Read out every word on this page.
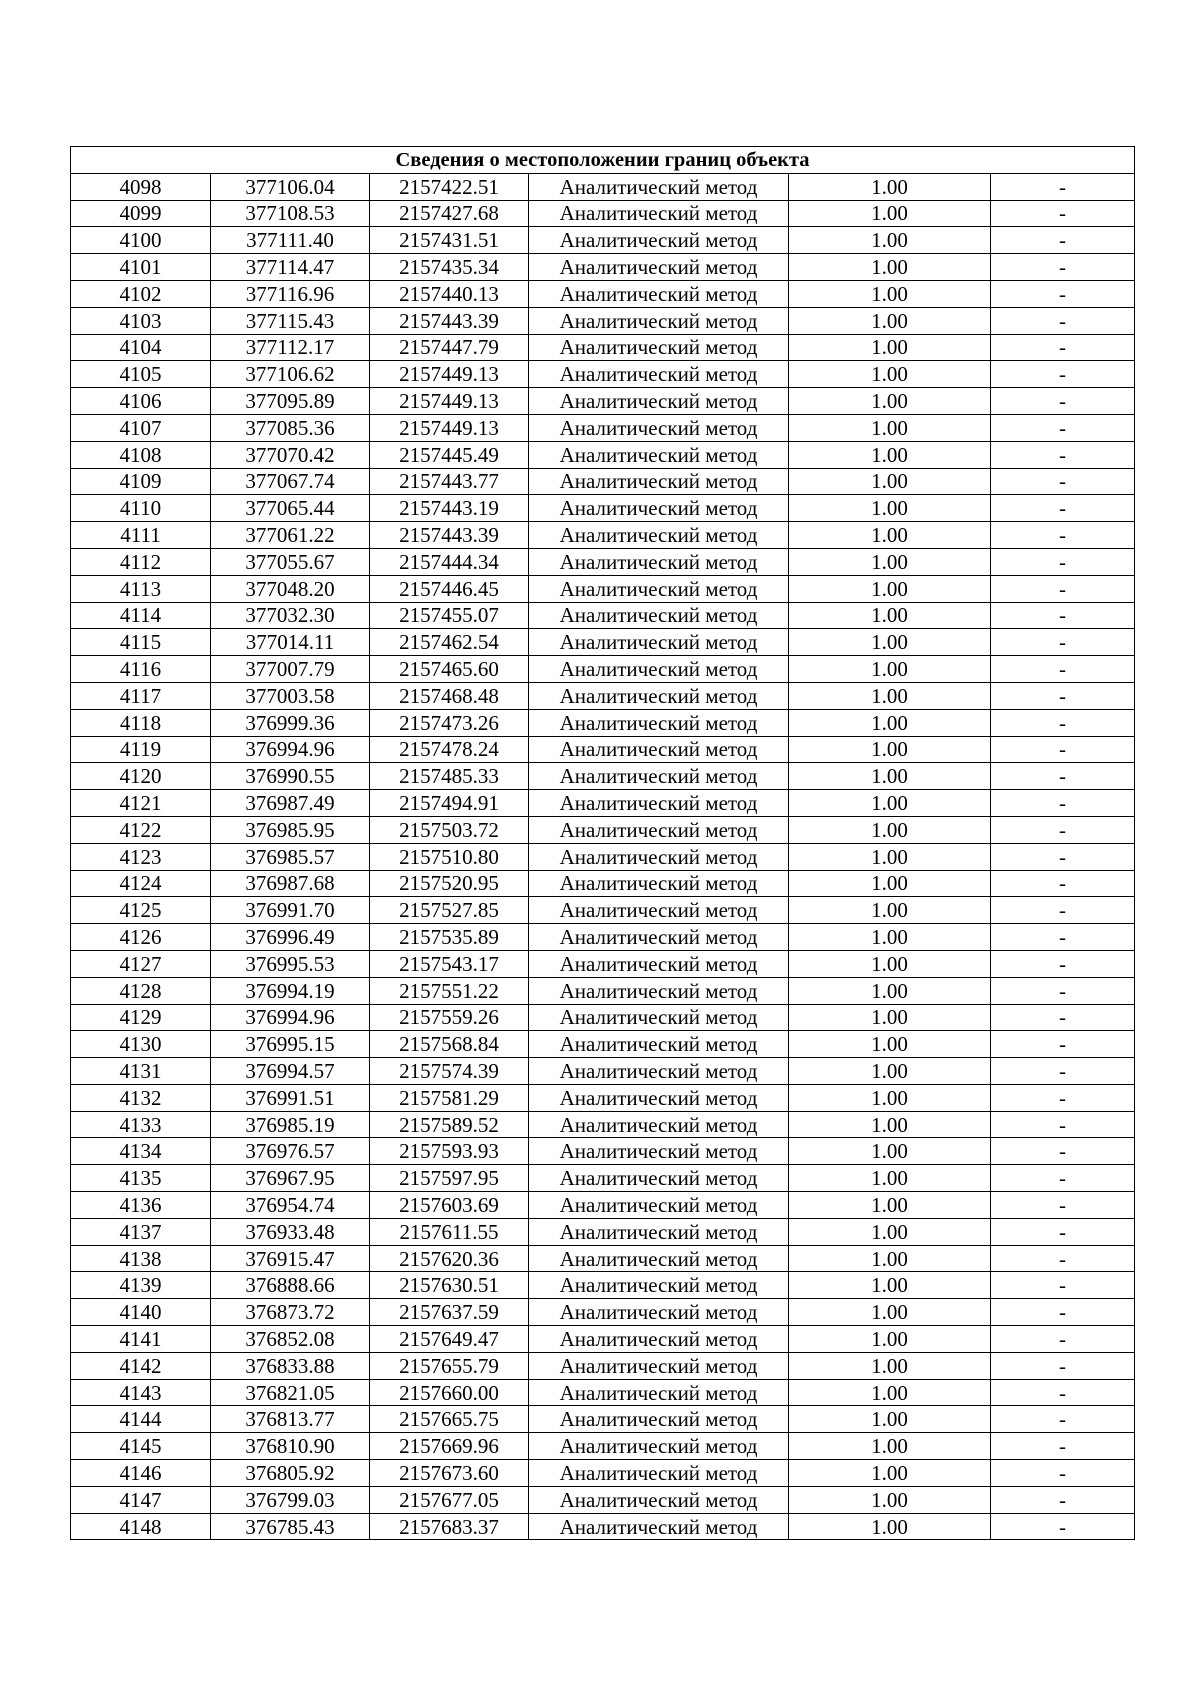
Сведения о местоположении границ объекта					
4098	377106.04	2157422.51	Аналитический метод	1.00	-
4099	377108.53	2157427.68	Аналитический метод	1.00	-
4100	377111.40	2157431.51	Аналитический метод	1.00	-
4101	377114.47	2157435.34	Аналитический метод	1.00	-
4102	377116.96	2157440.13	Аналитический метод	1.00	-
4103	377115.43	2157443.39	Аналитический метод	1.00	-
4104	377112.17	2157447.79	Аналитический метод	1.00	-
4105	377106.62	2157449.13	Аналитический метод	1.00	-
4106	377095.89	2157449.13	Аналитический метод	1.00	-
4107	377085.36	2157449.13	Аналитический метод	1.00	-
4108	377070.42	2157445.49	Аналитический метод	1.00	-
4109	377067.74	2157443.77	Аналитический метод	1.00	-
4110	377065.44	2157443.19	Аналитический метод	1.00	-
4111	377061.22	2157443.39	Аналитический метод	1.00	-
4112	377055.67	2157444.34	Аналитический метод	1.00	-
4113	377048.20	2157446.45	Аналитический метод	1.00	-
4114	377032.30	2157455.07	Аналитический метод	1.00	-
4115	377014.11	2157462.54	Аналитический метод	1.00	-
4116	377007.79	2157465.60	Аналитический метод	1.00	-
4117	377003.58	2157468.48	Аналитический метод	1.00	-
4118	376999.36	2157473.26	Аналитический метод	1.00	-
4119	376994.96	2157478.24	Аналитический метод	1.00	-
4120	376990.55	2157485.33	Аналитический метод	1.00	-
4121	376987.49	2157494.91	Аналитический метод	1.00	-
4122	376985.95	2157503.72	Аналитический метод	1.00	-
4123	376985.57	2157510.80	Аналитический метод	1.00	-
4124	376987.68	2157520.95	Аналитический метод	1.00	-
4125	376991.70	2157527.85	Аналитический метод	1.00	-
4126	376996.49	2157535.89	Аналитический метод	1.00	-
4127	376995.53	2157543.17	Аналитический метод	1.00	-
4128	376994.19	2157551.22	Аналитический метод	1.00	-
4129	376994.96	2157559.26	Аналитический метод	1.00	-
4130	376995.15	2157568.84	Аналитический метод	1.00	-
4131	376994.57	2157574.39	Аналитический метод	1.00	-
4132	376991.51	2157581.29	Аналитический метод	1.00	-
4133	376985.19	2157589.52	Аналитический метод	1.00	-
4134	376976.57	2157593.93	Аналитический метод	1.00	-
4135	376967.95	2157597.95	Аналитический метод	1.00	-
4136	376954.74	2157603.69	Аналитический метод	1.00	-
4137	376933.48	2157611.55	Аналитический метод	1.00	-
4138	376915.47	2157620.36	Аналитический метод	1.00	-
4139	376888.66	2157630.51	Аналитический метод	1.00	-
4140	376873.72	2157637.59	Аналитический метод	1.00	-
4141	376852.08	2157649.47	Аналитический метод	1.00	-
4142	376833.88	2157655.79	Аналитический метод	1.00	-
4143	376821.05	2157660.00	Аналитический метод	1.00	-
4144	376813.77	2157665.75	Аналитический метод	1.00	-
4145	376810.90	2157669.96	Аналитический метод	1.00	-
4146	376805.92	2157673.60	Аналитический метод	1.00	-
4147	376799.03	2157677.05	Аналитический метод	1.00	-
4148	376785.43	2157683.37	Аналитический метод	1.00	-
